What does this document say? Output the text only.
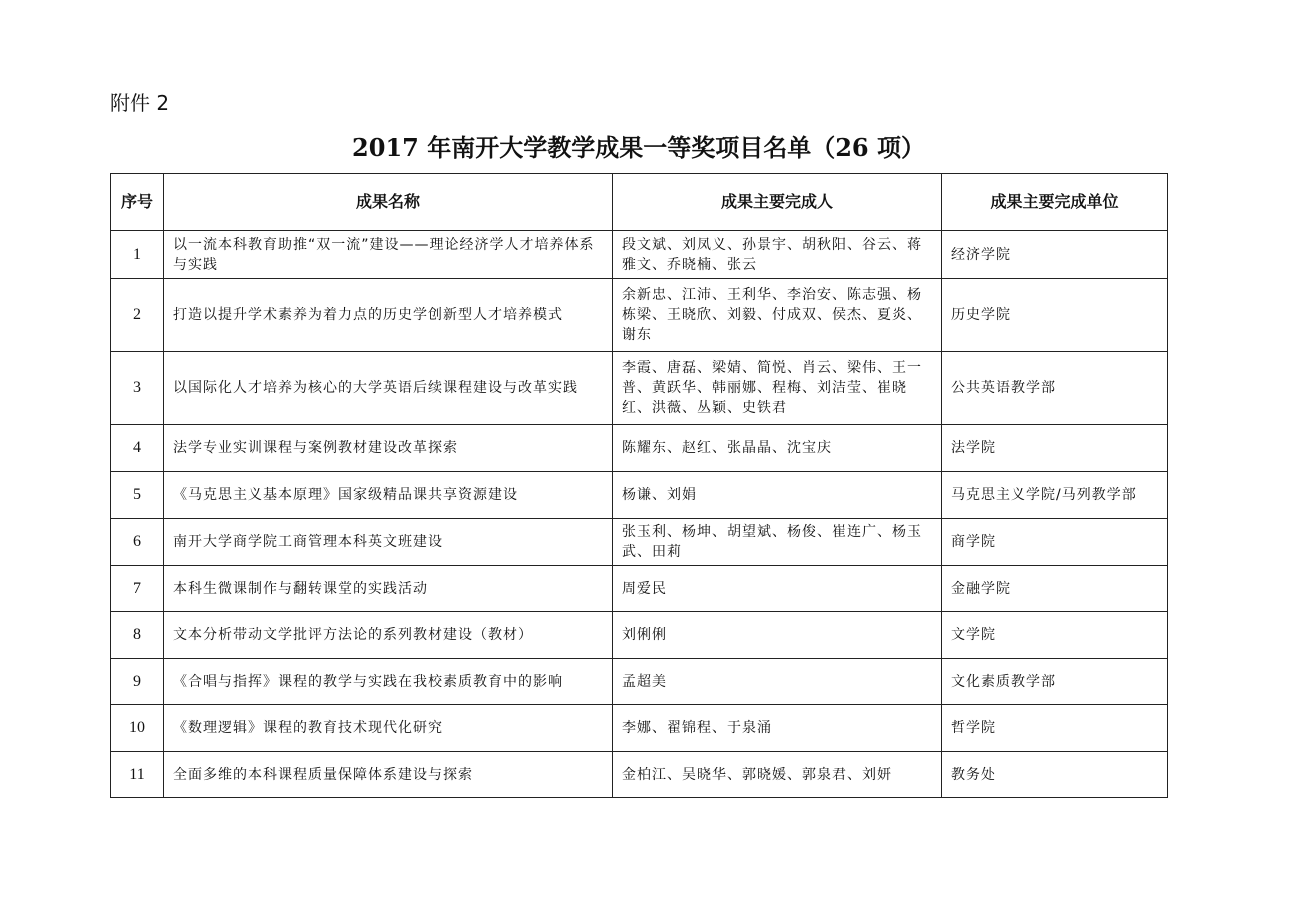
附件 2
2017 年南开大学教学成果一等奖项目名单（26 项）
序号	成果名称	成果主要完成人	成果主要完成单位
1	以一流本科教育助推“双一流”建设——理论经济学人才培养体系与实践	段文斌、刘凤义、孙景宇、胡秋阳、谷云、蒋雅文、乔晓楠、张云	经济学院
2	打造以提升学术素养为着力点的历史学创新型人才培养模式	余新忠、江沛、王利华、李治安、陈志强、杨栋梁、王晓欣、刘毅、付成双、侯杰、夏炎、谢东	历史学院
3	以国际化人才培养为核心的大学英语后续课程建设与改革实践	李霞、唐磊、梁婧、简悦、肖云、梁伟、王一普、黄跃华、韩丽娜、程梅、刘洁莹、崔晓红、洪薇、丛颖、史铁君	公共英语教学部
4	法学专业实训课程与案例教材建设改革探索	陈耀东、赵红、张晶晶、沈宝庆	法学院
5	《马克思主义基本原理》国家级精品课共享资源建设	杨谦、刘娟	马克思主义学院/马列教学部
6	南开大学商学院工商管理本科英文班建设	张玉利、杨坤、胡望斌、杨俊、崔连广、杨玉武、田莉	商学院
7	本科生微课制作与翻转课堂的实践活动	周爱民	金融学院
8	文本分析带动文学批评方法论的系列教材建设（教材）	刘俐俐	文学院
9	《合唱与指挥》课程的教学与实践在我校素质教育中的影响	孟超美	文化素质教学部
10	《数理逻辑》课程的教育技术现代化研究	李娜、翟锦程、于泉涌	哲学院
11	全面多维的本科课程质量保障体系建设与探索	金柏江、吴晓华、郭晓媛、郭泉君、刘妍	教务处
